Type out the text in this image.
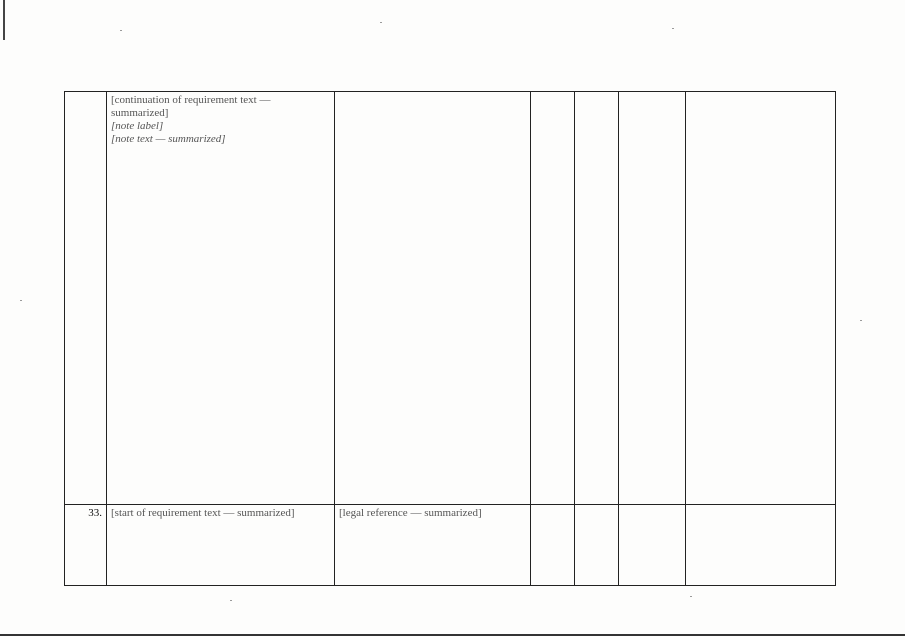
	[continuation of requirement text — summarized]
[note label]
[note text — summarized]					

33.	[start of requirement text — summarized]	[legal reference — summarized]				
